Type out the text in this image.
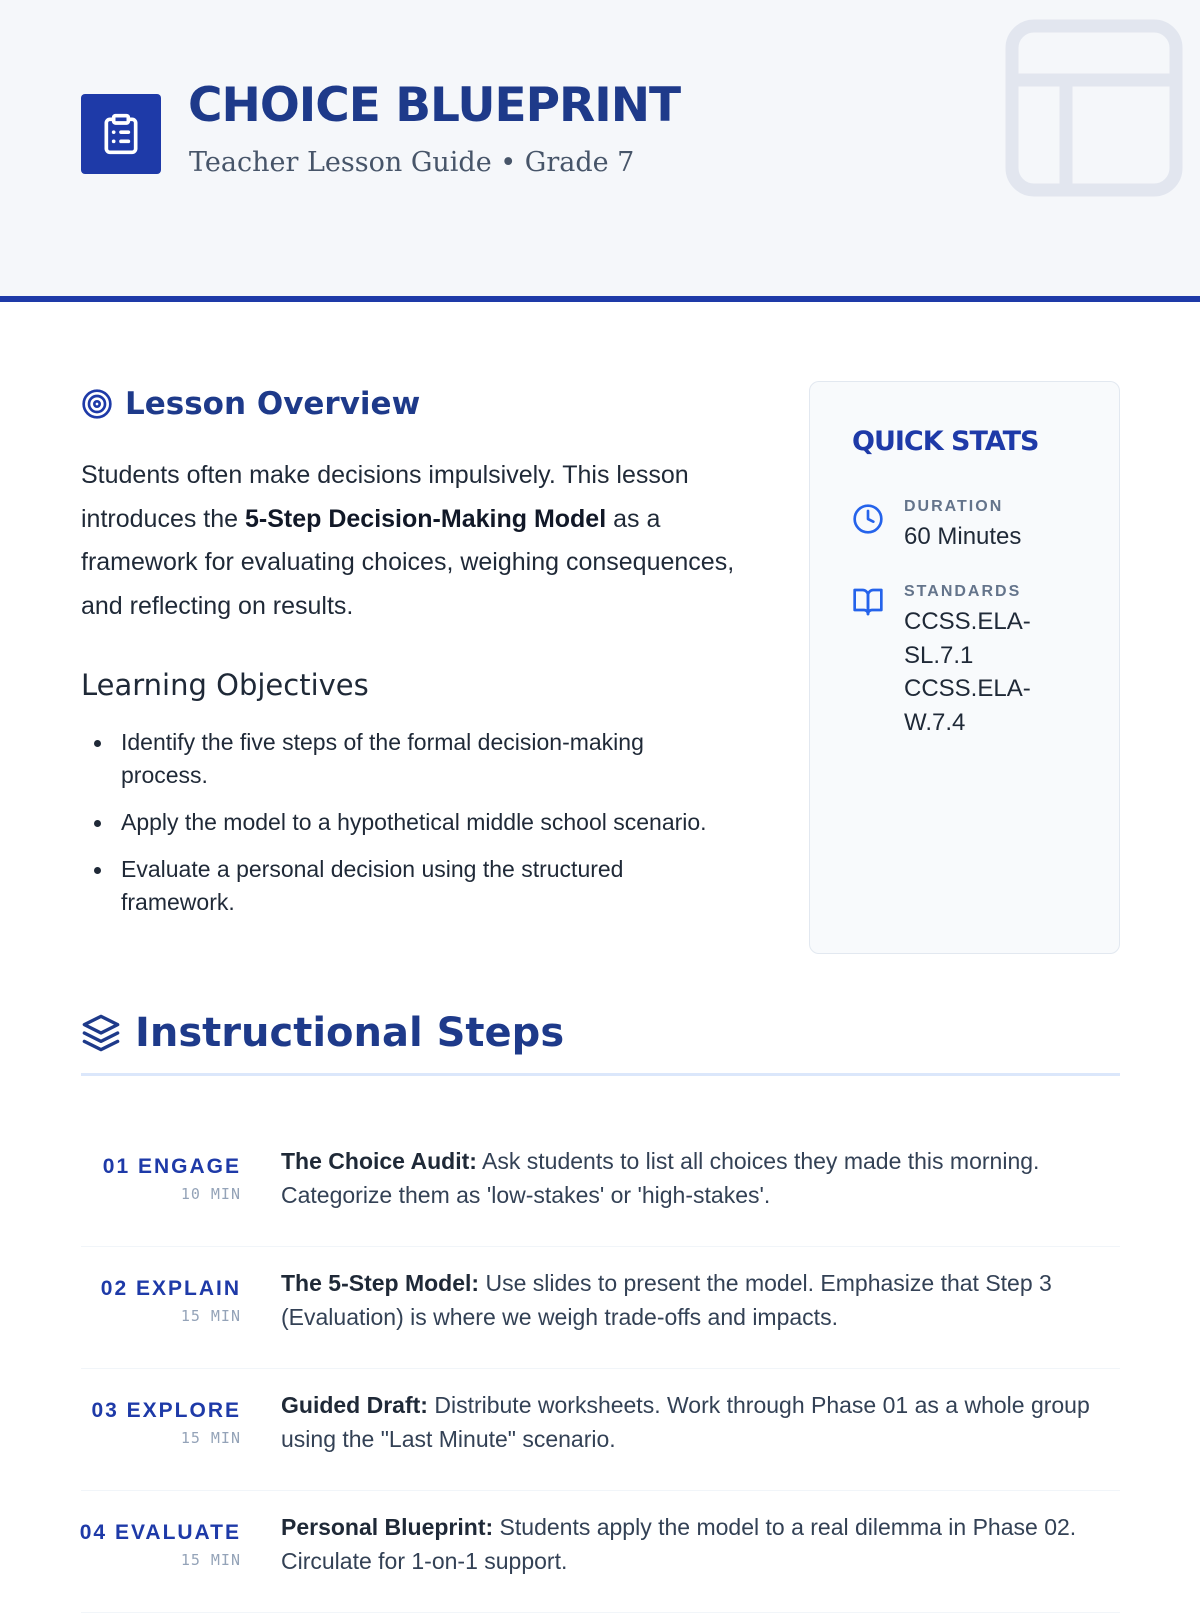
CHOICE BLUEPRINT
Teacher Lesson Guide • Grade 7
Lesson Overview

Students often make decisions impulsively. This lesson introduces the 5-Step Decision-Making Model as a framework for evaluating choices, weighing consequences, and reflecting on results.

Learning Objectives
Identify the five steps of the formal decision-making process.
Apply the model to a hypothetical middle school scenario.
Evaluate a personal decision using the structured framework.
QUICK STATS
DURATION
60 Minutes
STANDARDS
CCSS.ELA-SL.7.1 CCSS.ELA-W.7.4
Instructional Steps
01 ENGAGE
10 MIN
The Choice Audit: Ask students to list all choices they made this morning. Categorize them as 'low-stakes' or 'high-stakes'.
02 EXPLAIN
15 MIN
The 5-Step Model: Use slides to present the model. Emphasize that Step 3 (Evaluation) is where we weigh trade-offs and impacts.
03 EXPLORE
15 MIN
Guided Draft: Distribute worksheets. Work through Phase 01 as a whole group using the "Last Minute" scenario.
04 EVALUATE
15 MIN
Personal Blueprint: Students apply the model to a real dilemma in Phase 02. Circulate for 1-on-1 support.
